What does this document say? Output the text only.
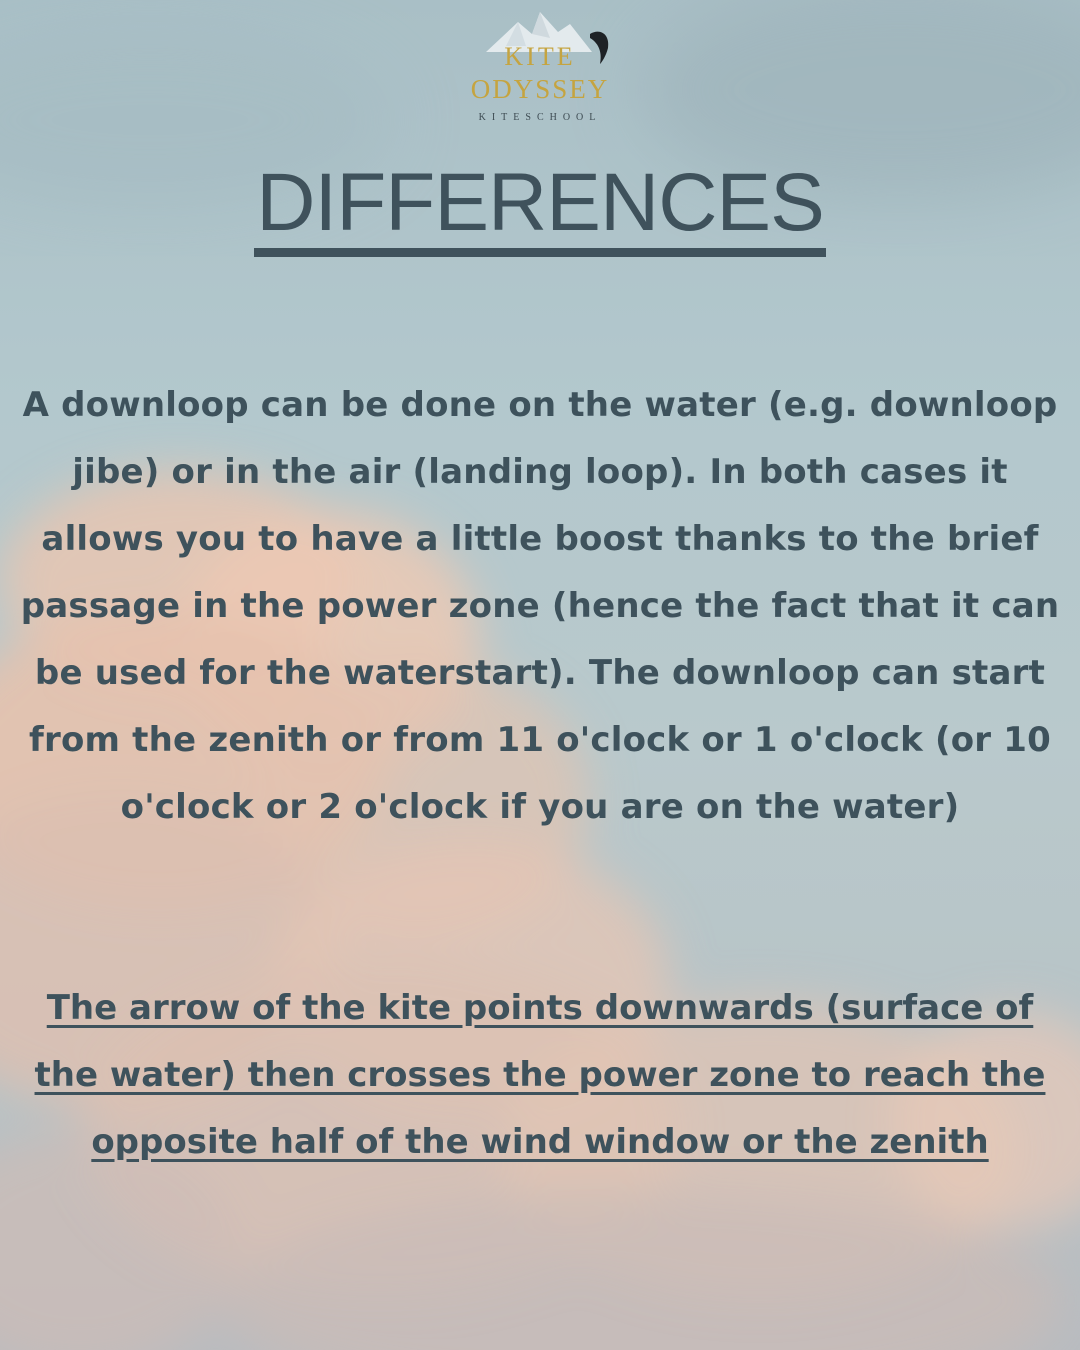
KITE
ODYSSEY
KITESCHOOL
DIFFERENCES
A downloop can be done on the water (e.g. downloop jibe) or in the air (landing loop). In both cases it allows you to have a little boost thanks to the brief passage in the power zone (hence the fact that it can be used for the waterstart). The downloop can start from the zenith or from 11 o'clock or 1 o'clock (or 10 o'clock or 2 o'clock if you are on the water)
The arrow of the kite points downwards (surface of the water) then crosses the power zone to reach the opposite half of the wind window or the zenith
